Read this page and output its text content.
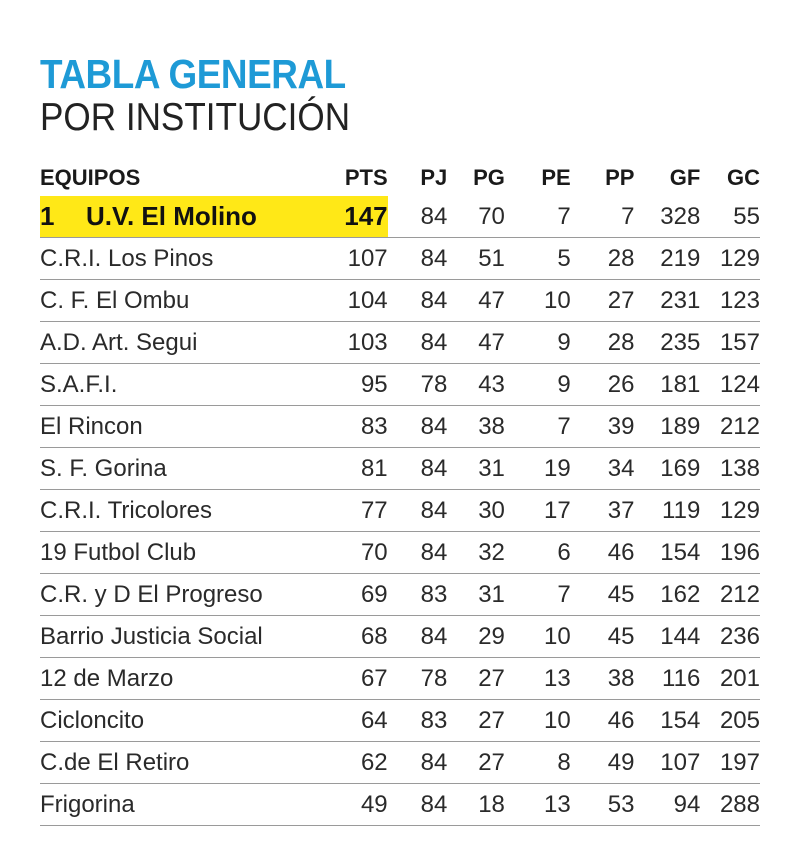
TABLA GENERAL
POR INSTITUCIÓN
EQUIPOS	PTS	PJ	PG	PE	PP	GF	GC
1 U.V. El Molino	147	84	70	7	7	328	55
C.R.I. Los Pinos	107	84	51	5	28	219	129
C. F. El Ombu	104	84	47	10	27	231	123
A.D. Art. Segui	103	84	47	9	28	235	157
S.A.F.I.	95	78	43	9	26	181	124
El Rincon	83	84	38	7	39	189	212
S. F. Gorina	81	84	31	19	34	169	138
C.R.I. Tricolores	77	84	30	17	37	119	129
19 Futbol Club	70	84	32	6	46	154	196
C.R. y D El Progreso	69	83	31	7	45	162	212
Barrio Justicia Social	68	84	29	10	45	144	236
12 de Marzo	67	78	27	13	38	116	201
Cicloncito	64	83	27	10	46	154	205
C.de El Retiro	62	84	27	8	49	107	197
Frigorina	49	84	18	13	53	94	288
